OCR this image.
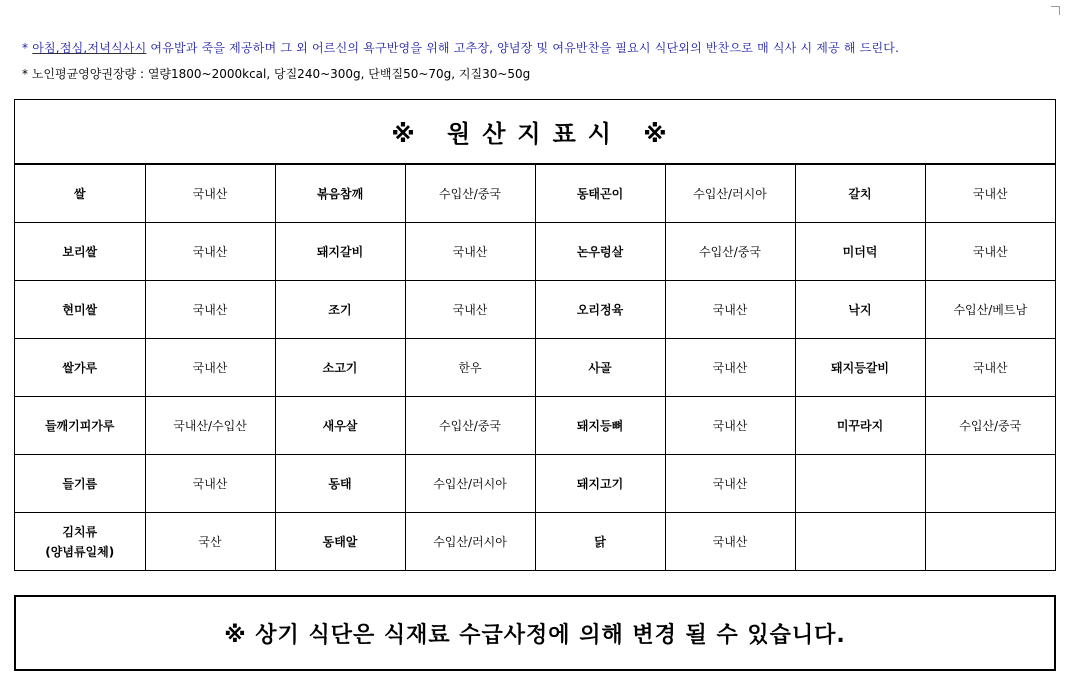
* 아침,점심,저녁식사시 여유밥과 죽을 제공하며 그 외 어르신의 욕구반영을 위해 고추장, 양념장 및 여유반찬을 필요시 식단외의 반찬으로 매 식사 시 제공 해 드린다.
* 노인평균영양권장량 : 열량1800~2000kcal, 당질240~300g, 단백질50~70g, 지질30~50g
※ 원산지표시 ※
쌀	국내산	볶음참깨	수입산/중국	동태곤이	수입산/러시아	갈치	국내산
보리쌀	국내산	돼지갈비	국내산	논우렁살	수입산/중국	미더덕	국내산
현미쌀	국내산	조기	국내산	오리정육	국내산	낙지	수입산/베트남
쌀가루	국내산	소고기	한우	사골	국내산	돼지등갈비	국내산
들깨기피가루	국내산/수입산	새우살	수입산/중국	돼지등뼈	국내산	미꾸라지	수입산/중국
들기름	국내산	동태	수입산/러시아	돼지고기	국내산		
김치류
(양념류일체)	국산	동태알	수입산/러시아	닭	국내산		

※ 상기 식단은 식재료 수급사정에 의해 변경 될 수 있습니다.
